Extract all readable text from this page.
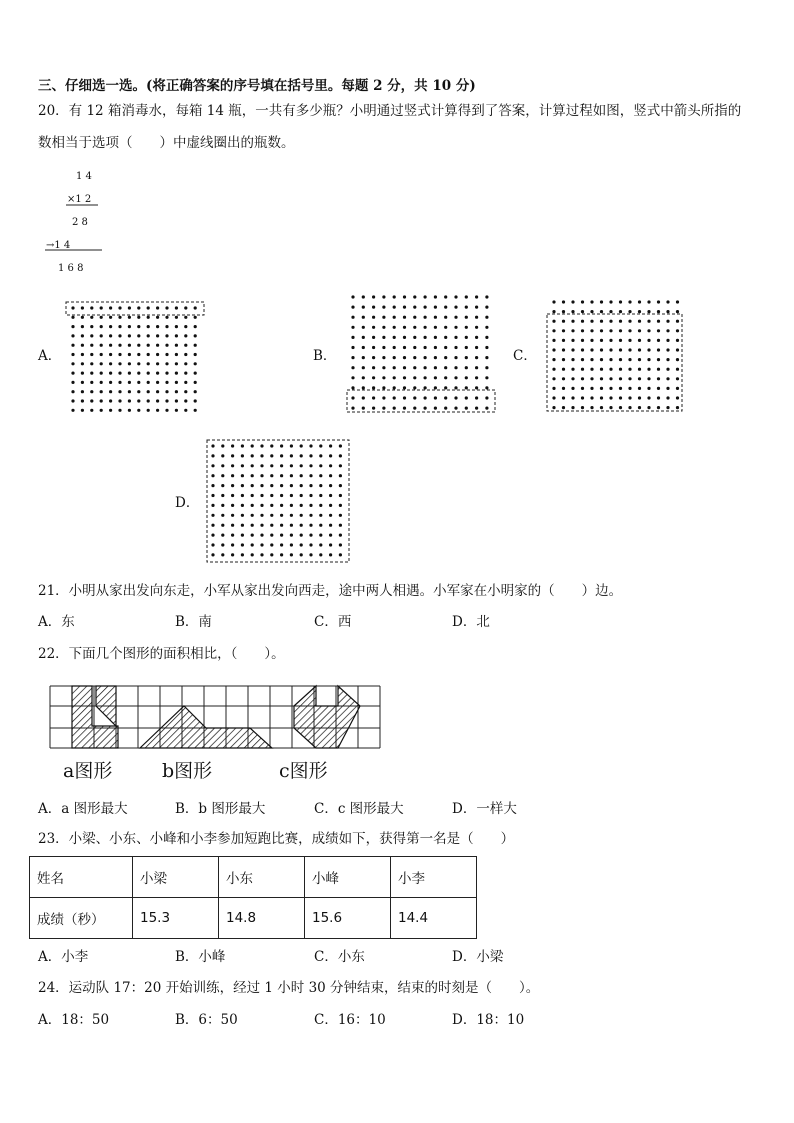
三、仔细选一选。(将正确答案的序号填在括号里。每题 2 分，共 10 分)
20．有 12 箱消毒水，每箱 14 瓶，一共有多少瓶？小明通过竖式计算得到了答案，计算过程如图，竖式中箭头所指的
数相当于选项（　　）中虚线圈出的瓶数。
1 4
×1 2
2 8
→1 4
1 6 8
A．	B．	C．
D．
21．小明从家出发向东走，小军从家出发向西走，途中两人相遇。小军家在小明家的（　　）边。
A．东	B．南	C．西	D．北
22．下面几个图形的面积相比，（　　）。
a图形	b图形	c图形
A．a 图形最大	B．b 图形最大	C．c 图形最大	D．一样大
23．小梁、小东、小峰和小李参加短跑比赛，成绩如下，获得第一名是（　　）
姓名	小梁	小东	小峰	小李
成绩（秒）	15.3	14.8	15.6	14.4
A．小李	B．小峰	C．小东	D．小梁
24．运动队 17：20 开始训练，经过 1 小时 30 分钟结束，结束的时刻是（　　）。
A．18：50	B．6：50	C．16：10	D．18：10
